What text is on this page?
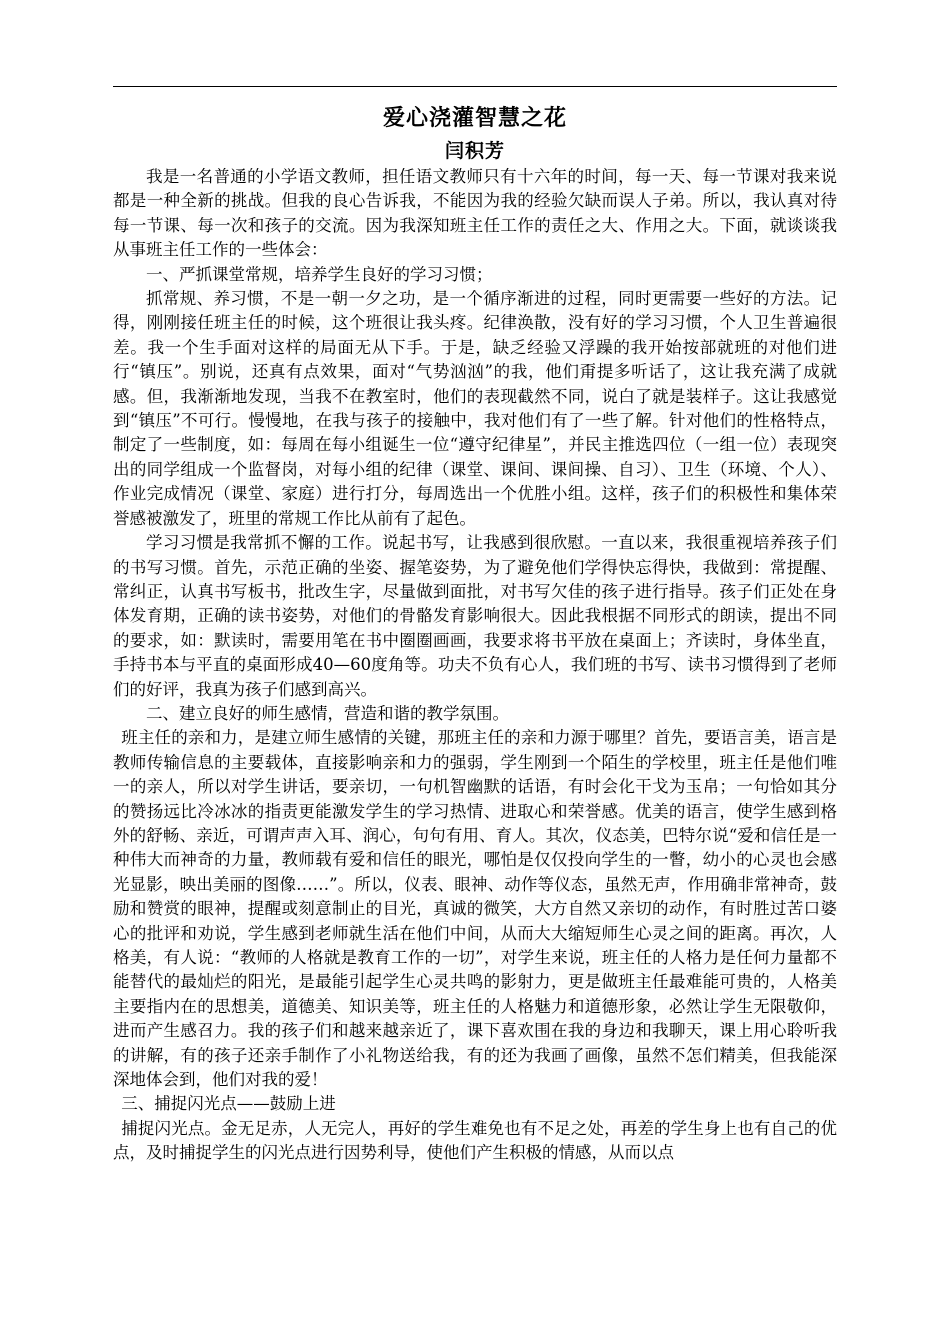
爱心浇灌智慧之花
闫积芳

我是一名普通的小学语文教师，担任语文教师只有十六年的时间，每一天、每一节课对我来说都是一种全新的挑战。但我的良心告诉我，不能因为我的经验欠缺而误人子弟。所以，我认真对待每一节课、每一次和孩子的交流。因为我深知班主任工作的责任之大、作用之大。下面，就谈谈我从事班主任工作的一些体会：

一、严抓课堂常规，培养学生良好的学习习惯；

抓常规、养习惯，不是一朝一夕之功，是一个循序渐进的过程，同时更需要一些好的方法。记得，刚刚接任班主任的时候，这个班很让我头疼。纪律涣散，没有好的学习习惯，个人卫生普遍很差。我一个生手面对这样的局面无从下手。于是，缺乏经验又浮躁的我开始按部就班的对他们进行“镇压”。别说，还真有点效果，面对“气势汹汹”的我，他们甭提多听话了，这让我充满了成就感。但，我渐渐地发现，当我不在教室时，他们的表现截然不同，说白了就是装样子。这让我感觉到“镇压”不可行。慢慢地，在我与孩子的接触中，我对他们有了一些了解。针对他们的性格特点，制定了一些制度，如：每周在每小组诞生一位“遵守纪律星”，并民主推选四位（一组一位）表现突出的同学组成一个监督岗，对每小组的纪律（课堂、课间、课间操、自习）、卫生（环境、个人）、作业完成情况（课堂、家庭）进行打分，每周选出一个优胜小组。这样，孩子们的积极性和集体荣誉感被激发了，班里的常规工作比从前有了起色。

学习习惯是我常抓不懈的工作。说起书写，让我感到很欣慰。一直以来，我很重视培养孩子们的书写习惯。首先，示范正确的坐姿、握笔姿势，为了避免他们学得快忘得快，我做到：常提醒、常纠正，认真书写板书，批改生字，尽量做到面批，对书写欠佳的孩子进行指导。孩子们正处在身体发育期，正确的读书姿势，对他们的骨骼发育影响很大。因此我根据不同形式的朗读，提出不同的要求，如：默读时，需要用笔在书中圈圈画画，我要求将书平放在桌面上；齐读时，身体坐直，手持书本与平直的桌面形成40—60度角等。功夫不负有心人，我们班的书写、读书习惯得到了老师们的好评，我真为孩子们感到高兴。

二、建立良好的师生感情，营造和谐的教学氛围。

班主任的亲和力，是建立师生感情的关键，那班主任的亲和力源于哪里？首先，要语言美，语言是教师传输信息的主要载体，直接影响亲和力的强弱，学生刚到一个陌生的学校里，班主任是他们唯一的亲人，所以对学生讲话，要亲切，一句机智幽默的话语，有时会化干戈为玉帛；一句恰如其分的赞扬远比冷冰冰的指责更能激发学生的学习热情、进取心和荣誉感。优美的语言，使学生感到格外的舒畅、亲近，可谓声声入耳、润心，句句有用、育人。其次，仪态美，巴特尔说“爱和信任是一种伟大而神奇的力量，教师载有爱和信任的眼光，哪怕是仅仅投向学生的一瞥，幼小的心灵也会感光显影，映出美丽的图像……”。所以，仪表、眼神、动作等仪态，虽然无声，作用确非常神奇，鼓励和赞赏的眼神，提醒或刻意制止的目光，真诚的微笑，大方自然又亲切的动作，有时胜过苦口婆心的批评和劝说，学生感到老师就生活在他们中间，从而大大缩短师生心灵之间的距离。再次，人格美，有人说：“教师的人格就是教育工作的一切”，对学生来说，班主任的人格力是任何力量都不能替代的最灿烂的阳光，是最能引起学生心灵共鸣的影射力，更是做班主任最难能可贵的，人格美主要指内在的思想美，道德美、知识美等，班主任的人格魅力和道德形象，必然让学生无限敬仰，进而产生感召力。我的孩子们和越来越亲近了，课下喜欢围在我的身边和我聊天，课上用心聆听我的讲解，有的孩子还亲手制作了小礼物送给我，有的还为我画了画像，虽然不怎们精美，但我能深深地体会到，他们对我的爱！

三、捕捉闪光点——鼓励上进

捕捉闪光点。金无足赤，人无完人，再好的学生难免也有不足之处，再差的学生身上也有自己的优点，及时捕捉学生的闪光点进行因势利导，使他们产生积极的情感，从而以点
